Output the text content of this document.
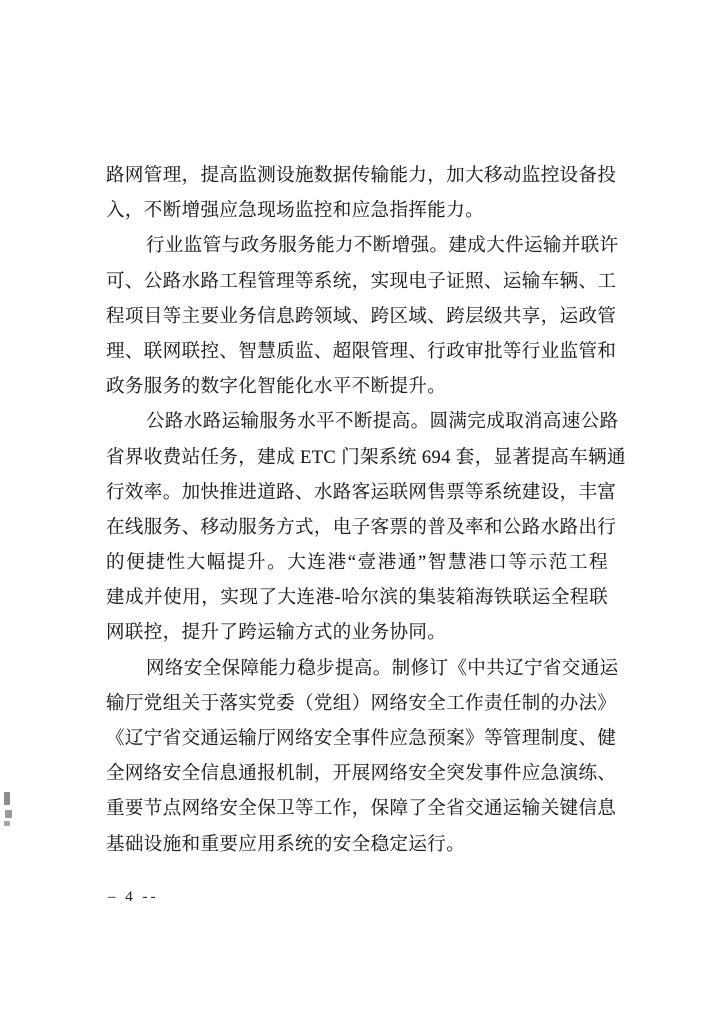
路网管理，提高监测设施数据传输能力，加大移动监控设备投
入，不断增强应急现场监控和应急指挥能力。
行业监管与政务服务能力不断增强。建成大件运输并联许
可、公路水路工程管理等系统，实现电子证照、运输车辆、工
程项目等主要业务信息跨领域、跨区域、跨层级共享，运政管
理、联网联控、智慧质监、超限管理、行政审批等行业监管和
政务服务的数字化智能化水平不断提升。
公路水路运输服务水平不断提高。圆满完成取消高速公路
省界收费站任务，建成 ETC 门架系统 694 套，显著提高车辆通
行效率。加快推进道路、水路客运联网售票等系统建设，丰富
在线服务、移动服务方式，电子客票的普及率和公路水路出行
的便捷性大幅提升。大连港“壹港通”智慧港口等示范工程
建成并使用，实现了大连港-哈尔滨的集装箱海铁联运全程联
网联控，提升了跨运输方式的业务协同。
网络安全保障能力稳步提高。制修订《中共辽宁省交通运
输厅党组关于落实党委（党组）网络安全工作责任制的办法》
《辽宁省交通运输厅网络安全事件应急预案》等管理制度、健
全网络安全信息通报机制，开展网络安全突发事件应急演练、
重要节点网络安全保卫等工作，保障了全省交通运输关键信息
基础设施和重要应用系统的安全稳定运行。
– 4 --
